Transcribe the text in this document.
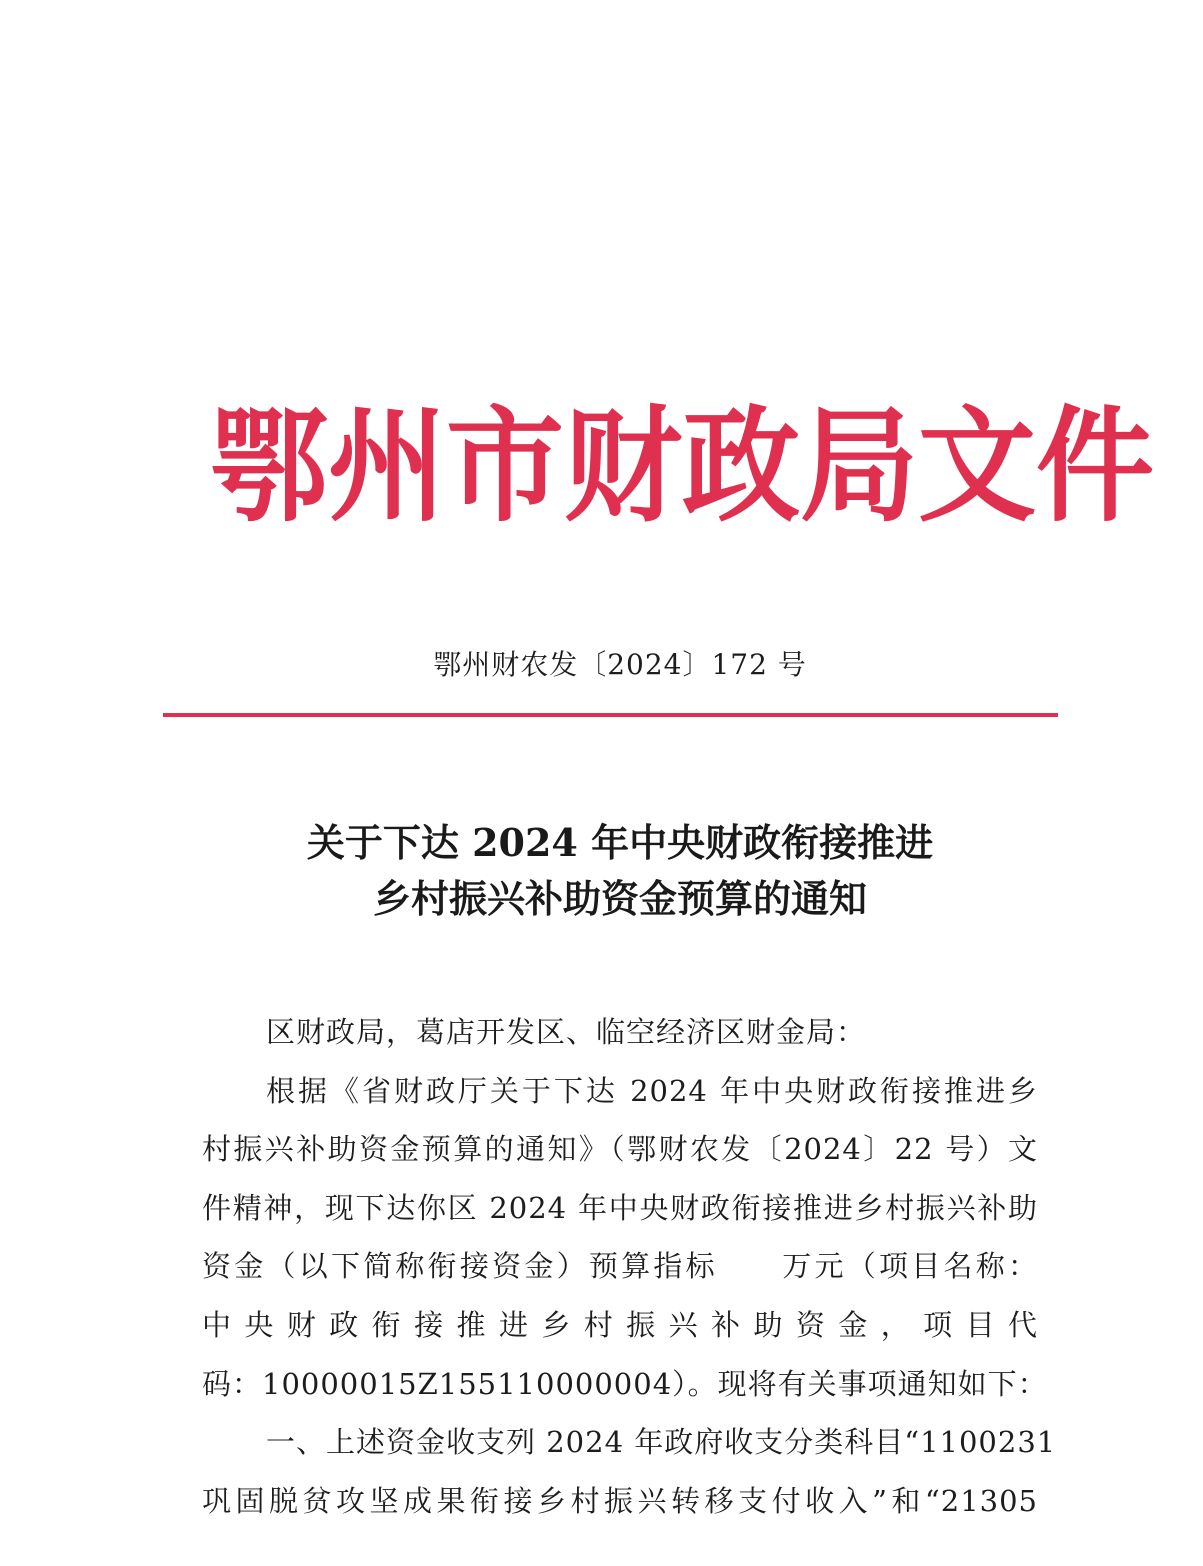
鄂州市财政局文件
鄂州财农发〔2024〕172 号
关于下达 2024 年中央财政衔接推进
乡村振兴补助资金预算的通知
区财政局，葛店开发区、临空经济区财金局：
根据《省财政厅关于下达 2024 年中央财政衔接推进乡
村振兴补助资金预算的通知》（鄂财农发〔2024〕22 号）文
件精神，现下达你区 2024 年中央财政衔接推进乡村振兴补助
资金（以下简称衔接资金）预算指标　　万元（项目名称：
中央财政衔接推进乡村振兴补助资金，项目代
码：10000015Z155110000004）。现将有关事项通知如下：
一、上述资金收支列 2024 年政府收支分类科目“1100231
巩固脱贫攻坚成果衔接乡村振兴转移支付收入”和“21305
